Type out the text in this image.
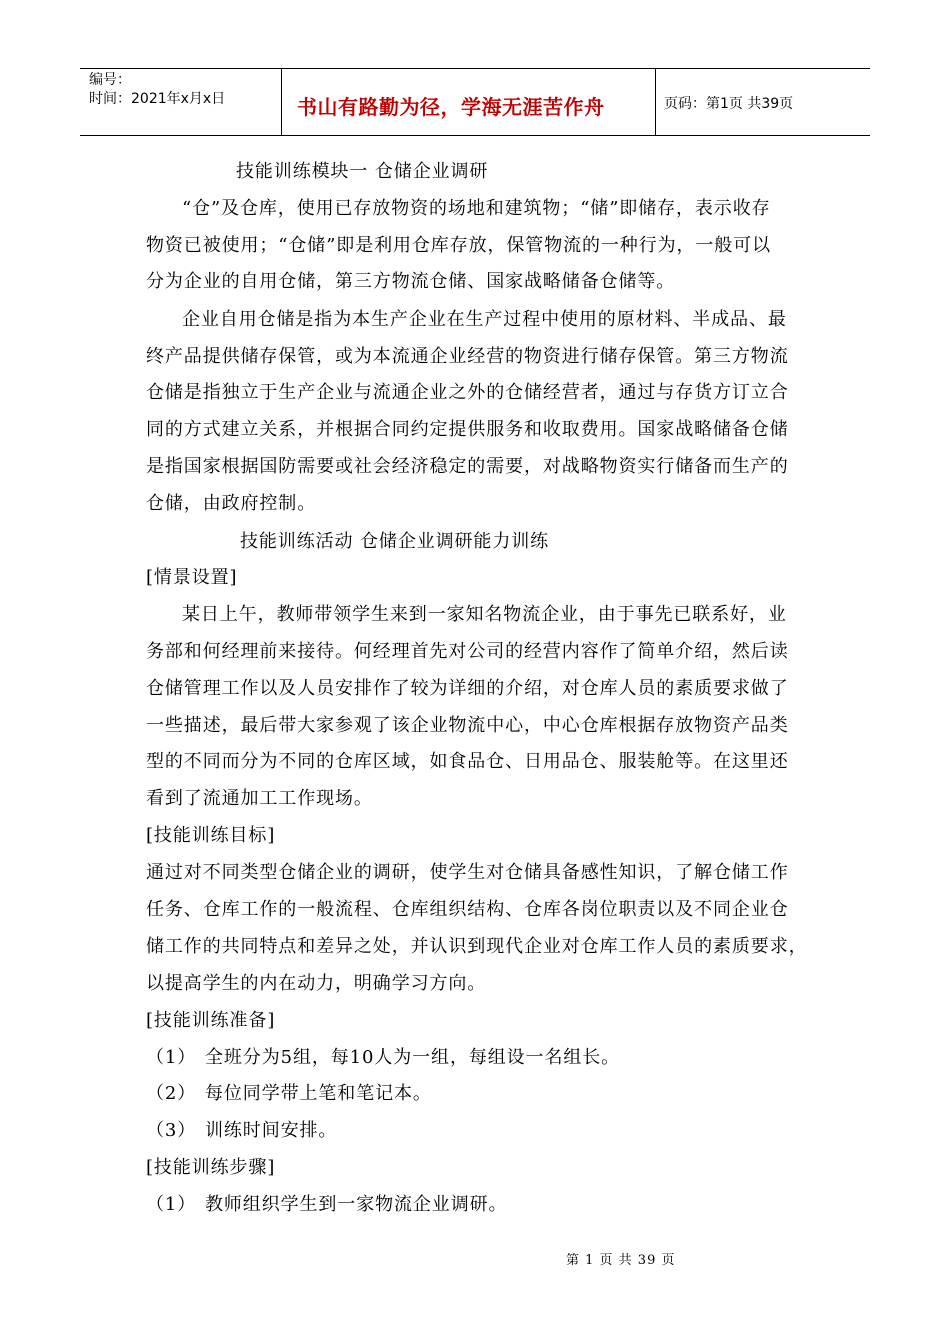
编号：
时间：2021年x月x日	书山有路勤为径，学海无涯苦作舟	页码：第1页 共39页
技能训练模块一 仓储企业调研
“仓”及仓库，使用已存放物资的场地和建筑物；“储”即储存，表示收存
物资已被使用；“仓储”即是利用仓库存放，保管物流的一种行为，一般可以
分为企业的自用仓储，第三方物流仓储、国家战略储备仓储等。
企业自用仓储是指为本生产企业在生产过程中使用的原材料、半成品、最
终产品提供储存保管，或为本流通企业经营的物资进行储存保管。第三方物流
仓储是指独立于生产企业与流通企业之外的仓储经营者，通过与存货方订立合
同的方式建立关系，并根据合同约定提供服务和收取费用。国家战略储备仓储
是指国家根据国防需要或社会经济稳定的需要，对战略物资实行储备而生产的
仓储，由政府控制。
技能训练活动 仓储企业调研能力训练
[情景设置]
某日上午，教师带领学生来到一家知名物流企业，由于事先已联系好，业
务部和何经理前来接待。何经理首先对公司的经营内容作了简单介绍，然后读
仓储管理工作以及人员安排作了较为详细的介绍，对仓库人员的素质要求做了
一些描述，最后带大家参观了该企业物流中心，中心仓库根据存放物资产品类
型的不同而分为不同的仓库区域，如食品仓、日用品仓、服装舱等。在这里还
看到了流通加工工作现场。
[技能训练目标]
通过对不同类型仓储企业的调研，使学生对仓储具备感性知识，了解仓储工作
任务、仓库工作的一般流程、仓库组织结构、仓库各岗位职责以及不同企业仓
储工作的共同特点和差异之处，并认识到现代企业对仓库工作人员的素质要求，
以提高学生的内在动力，明确学习方向。
[技能训练准备]
（1） 全班分为5组，每10人为一组，每组设一名组长。
（2） 每位同学带上笔和笔记本。
（3） 训练时间安排。
[技能训练步骤]
（1） 教师组织学生到一家物流企业调研。
第 1 页 共 39 页
